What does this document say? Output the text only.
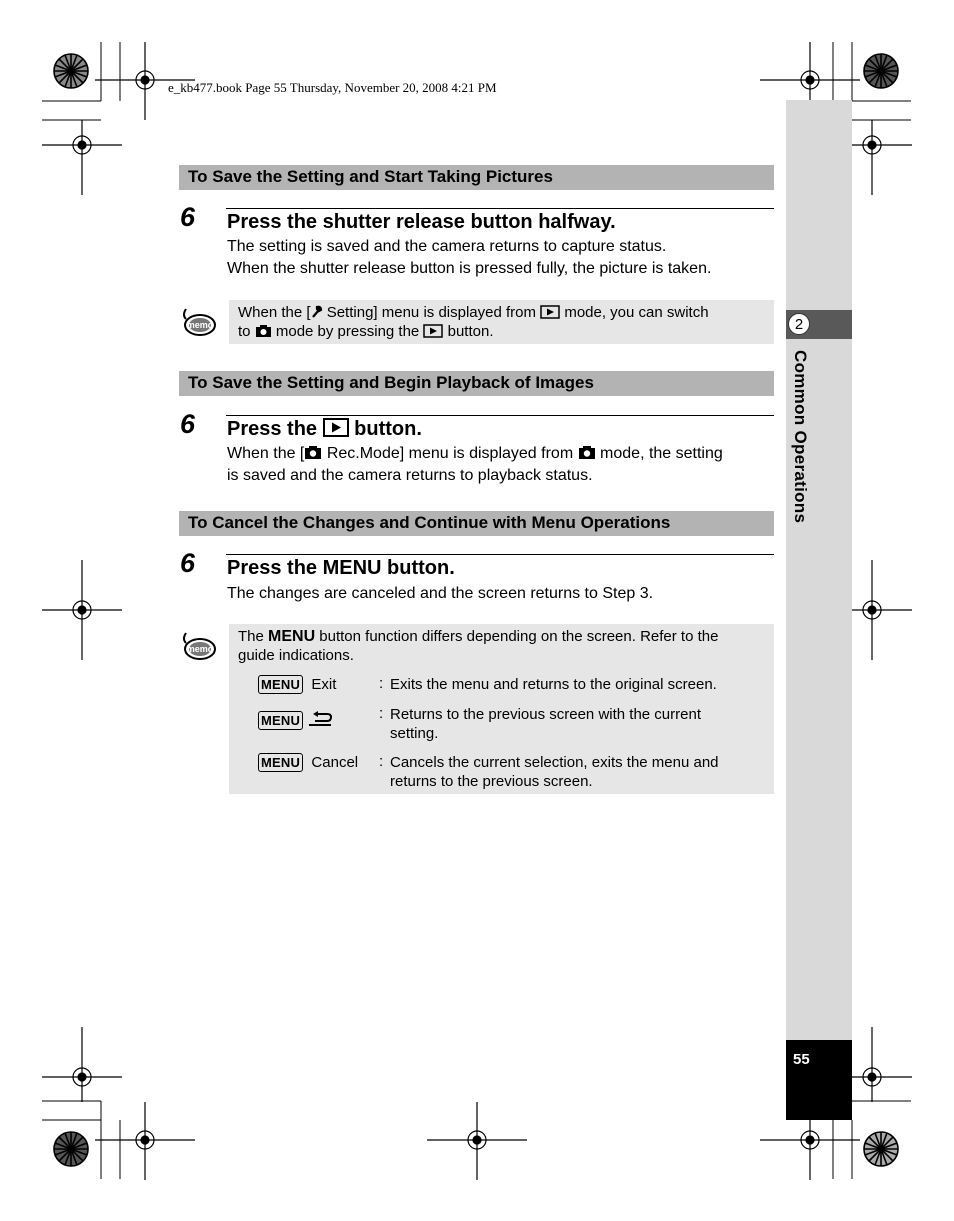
e_kb477.book Page 55 Thursday, November 20, 2008 4:21 PM
2
Common Operations
55
To Save the Setting and Start Taking Pictures
6 Press the shutter release button halfway.
The setting is saved and the camera returns to capture status.
When the shutter release button is pressed fully, the picture is taken.
memo
When the [ Setting] menu is displayed from  mode, you can switch
to  mode by pressing the  button.
To Save the Setting and Begin Playback of Images
6 Press the  button.
When the [ Rec.Mode] menu is displayed from  mode, the setting
is saved and the camera returns to playback status.
To Cancel the Changes and Continue with Menu Operations
6 Press the MENU button.
The changes are canceled and the screen returns to Step 3.
memo
The MENU button function differs depending on the screen. Refer to the
guide indications.
MENU Exit	: Exits the menu and returns to the original screen.
MENU	: Returns to the previous screen with the current
setting.
MENU Cancel : Cancels the current selection, exits the menu and
returns to the previous screen.
